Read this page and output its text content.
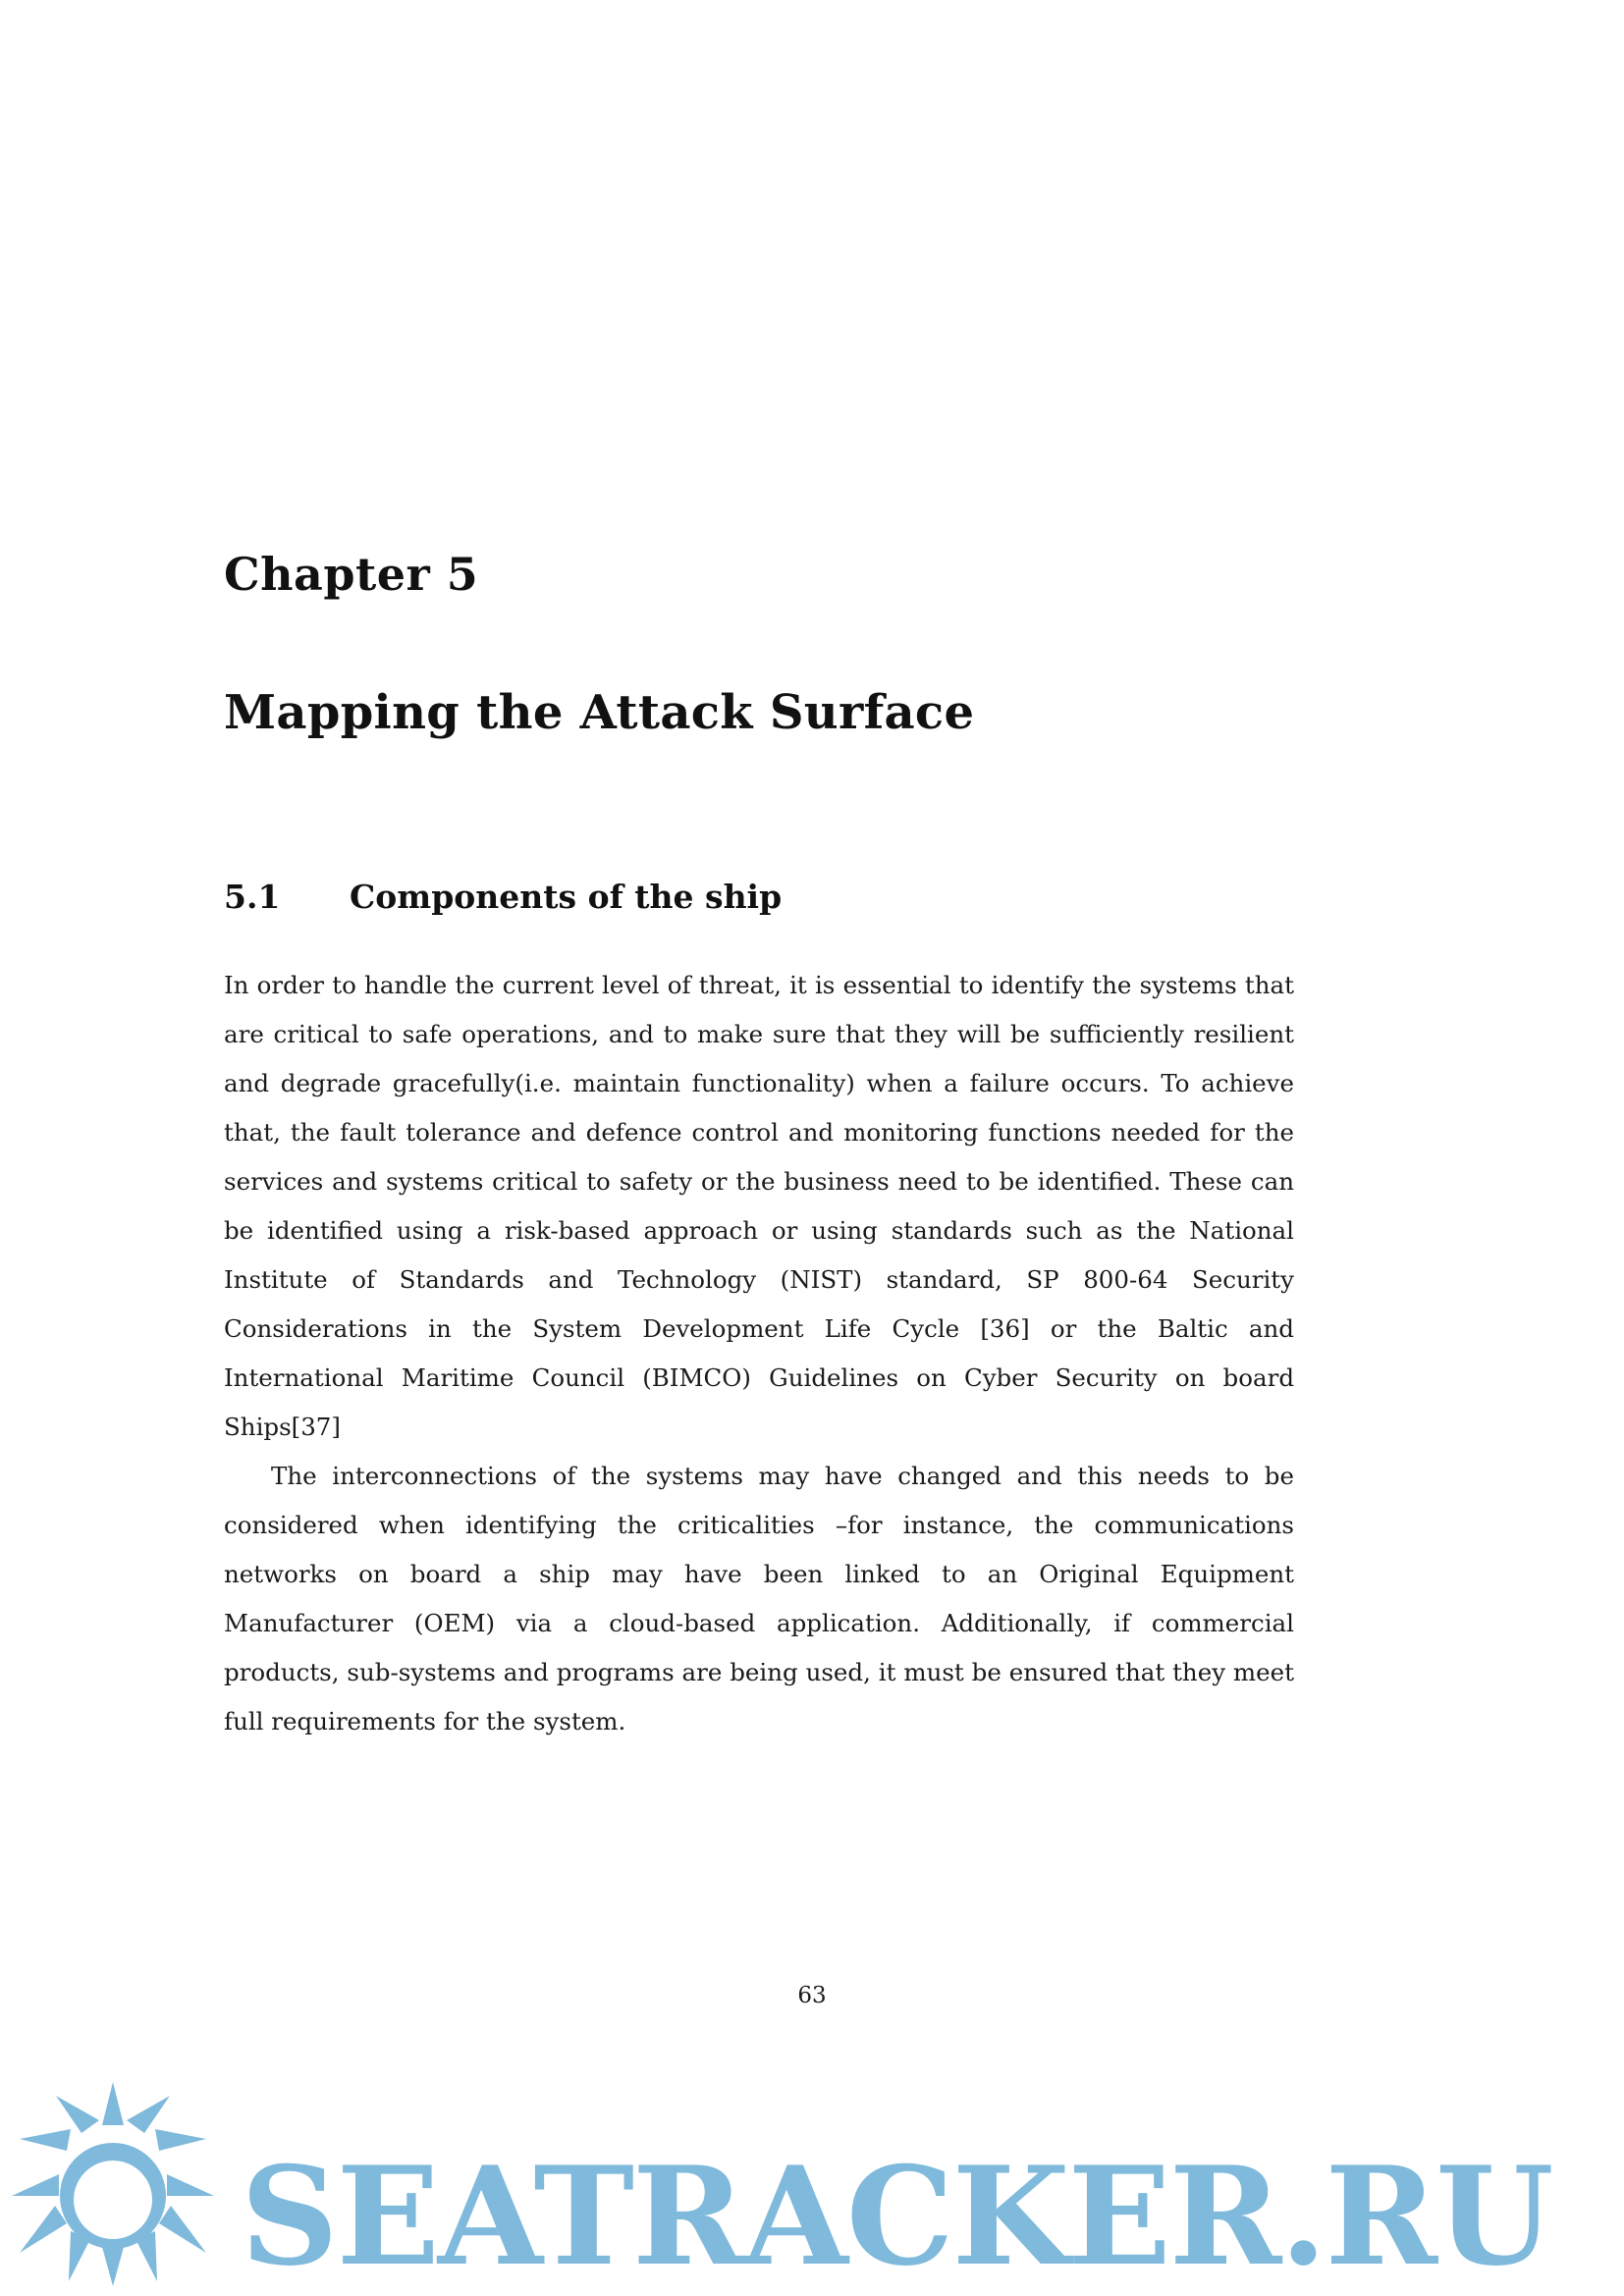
Chapter 5
Mapping the Attack Surface
5.1	Components of the ship

In order to handle the current level of threat, it is essential to identify the systems that are critical to safe operations, and to make sure that they will be sufficiently resilient and degrade gracefully(i.e. maintain functionality) when a failure occurs. To achieve that, the fault tolerance and defence control and monitoring functions needed for the services and systems critical to safety or the business need to be identified. These can be identified using a risk-based approach or using standards such as the National Institute of Standards and Technology (NIST) standard, SP 800-64 Security Considerations in the System Development Life Cycle [36] or the Baltic and International Maritime Council (BIMCO) Guidelines on Cyber Security on board Ships[37]

The interconnections of the systems may have changed and this needs to be considered when identifying the criticalities –for instance, the communications networks on board a ship may have been linked to an Original Equipment Manufacturer (OEM) via a cloud-based application. Additionally, if commercial products, sub-systems and programs are being used, it must be ensured that they meet full requirements for the system.

63
SEATRACKER.RU
